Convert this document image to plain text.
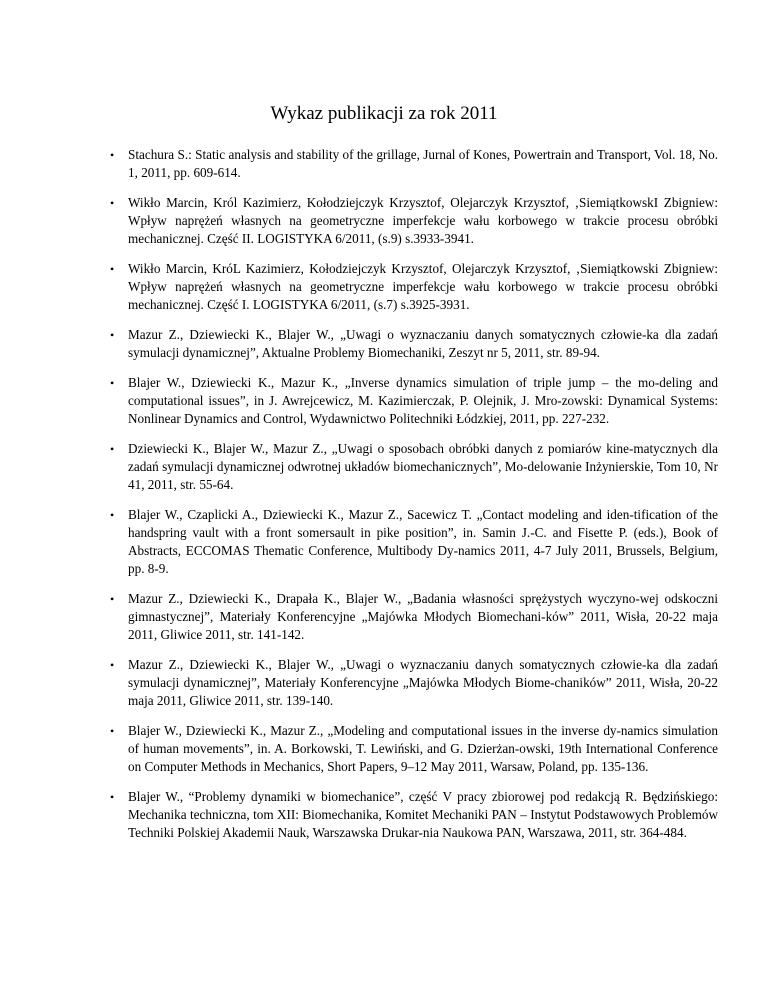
Wykaz publikacji za rok 2011
•	Stachura S.: Static analysis and stability of the grillage, Jurnal of Kones, Powertrain and Transport, Vol. 18, No. 1, 2011, pp. 609-614.
•	Wikło Marcin, Król Kazimierz, Kołodziejczyk Krzysztof, Olejarczyk Krzysztof, ‚SiemiątkowskI Zbigniew: Wpływ naprężeń własnych na geometryczne imperfekcje wału korbowego w trakcie procesu obróbki mechanicznej. Część II. LOGISTYKA 6/2011, (s.9) s.3933-3941.
•	Wikło Marcin, KróL Kazimierz, Kołodziejczyk Krzysztof, Olejarczyk Krzysztof, ‚Siemiątkowski Zbigniew: Wpływ naprężeń własnych na geometryczne imperfekcje wału korbowego w trakcie procesu obróbki mechanicznej. Część I. LOGISTYKA 6/2011, (s.7) s.3925-3931.
•	Mazur Z., Dziewiecki K., Blajer W., „Uwagi o wyznaczaniu danych somatycznych człowie-ka dla zadań symulacji dynamicznej”, Aktualne Problemy Biomechaniki, Zeszyt nr 5, 2011, str. 89-94.
•	Blajer W., Dziewiecki K., Mazur K., „Inverse dynamics simulation of triple jump – the mo-deling and computational issues”, in J. Awrejcewicz, M. Kazimierczak, P. Olejnik, J. Mro-zowski: Dynamical Systems: Nonlinear Dynamics and Control, Wydawnictwo Politechniki Łódzkiej, 2011, pp. 227-232.
•	Dziewiecki K., Blajer W., Mazur Z., „Uwagi o sposobach obróbki danych z pomiarów kine-matycznych dla zadań symulacji dynamicznej odwrotnej układów biomechanicznych”, Mo-delowanie Inżynierskie, Tom 10, Nr 41, 2011, str. 55-64.
•	Blajer W., Czaplicki A., Dziewiecki K., Mazur Z., Sacewicz T. „Contact modeling and iden-tification of the handspring vault with a front somersault in pike position”, in. Samin J.-C. and Fisette P. (eds.), Book of Abstracts, ECCOMAS Thematic Conference, Multibody Dy-namics 2011, 4-7 July 2011, Brussels, Belgium, pp. 8-9.
•	Mazur Z., Dziewiecki K., Drapała K., Blajer W., „Badania własności sprężystych wyczyno-wej odskoczni gimnastycznej”, Materiały Konferencyjne „Majówka Młodych Biomechani-ków” 2011, Wisła, 20-22 maja 2011, Gliwice 2011, str. 141-142.
•	Mazur Z., Dziewiecki K., Blajer W., „Uwagi o wyznaczaniu danych somatycznych człowie-ka dla zadań symulacji dynamicznej”, Materiały Konferencyjne „Majówka Młodych Biome-chaników” 2011, Wisła, 20-22 maja 2011, Gliwice 2011, str. 139-140.
•	Blajer W., Dziewiecki K., Mazur Z., „Modeling and computational issues in the inverse dy-namics simulation of human movements”, in. A. Borkowski, T. Lewiński, and G. Dzierżan-owski, 19th International Conference on Computer Methods in Mechanics, Short Papers, 9–12 May 2011, Warsaw, Poland, pp. 135-136.
•	Blajer W., “Problemy dynamiki w biomechanice”, część V pracy zbiorowej pod redakcją R. Będzińskiego: Mechanika techniczna, tom XII: Biomechanika, Komitet Mechaniki PAN – Instytut Podstawowych Problemów Techniki Polskiej Akademii Nauk, Warszawska Drukar-nia Naukowa PAN, Warszawa, 2011, str. 364-484.
